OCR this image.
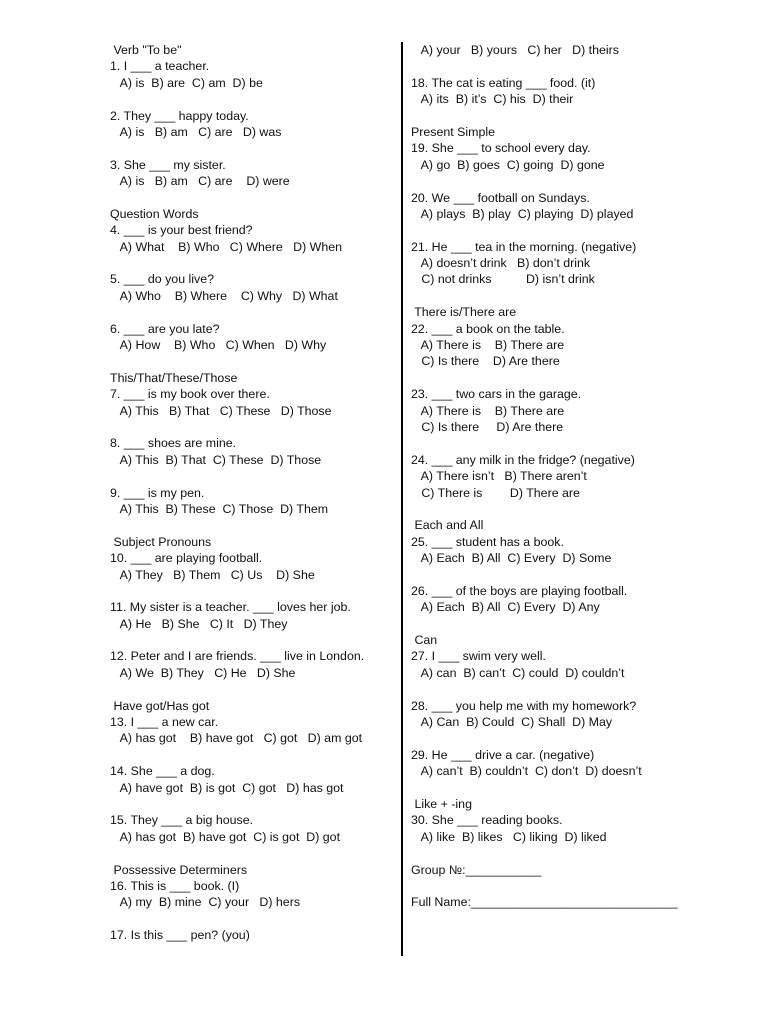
Verb "To be"
1. I ___ a teacher.
A) is  B) are  C) am  D) be
2. They ___ happy today.
A) is   B) am   C) are   D) was
3. She ___ my sister.
A) is   B) am   C) are    D) were
Question Words
4. ___ is your best friend?
A) What    B) Who   C) Where   D) When
5. ___ do you live?
A) Who    B) Where    C) Why   D) What
6. ___ are you late?
A) How    B) Who   C) When   D) Why
This/That/These/Those
7. ___ is my book over there.
A) This   B) That   C) These   D) Those
8. ___ shoes are mine.
A) This  B) That  C) These  D) Those
9. ___ is my pen.
A) This  B) These  C) Those  D) Them
Subject Pronouns
10. ___ are playing football.
A) They   B) Them   C) Us    D) She
11. My sister is a teacher. ___ loves her job.
A) He   B) She   C) It   D) They
12. Peter and I are friends. ___ live in London.
A) We  B) They   C) He   D) She
Have got/Has got
13. I ___ a new car.
A) has got    B) have got   C) got   D) am got
14. She ___ a dog.
A) have got  B) is got  C) got   D) has got
15. They ___ a big house.
A) has got  B) have got  C) is got  D) got
Possessive Determiners
16. This is ___ book. (I)
A) my  B) mine  C) your   D) hers
17. Is this ___ pen? (you)
A) your   B) yours   C) her   D) theirs
18. The cat is eating ___ food. (it)
A) its  B) it’s  C) his  D) their
Present Simple
19. She ___ to school every day.
A) go  B) goes  C) going  D) gone
20. We ___ football on Sundays.
A) plays  B) play  C) playing  D) played
21. He ___ tea in the morning. (negative)
A) doesn’t drink   B) don’t drink
C) not drinks          D) isn’t drink
There is/There are
22. ___ a book on the table.
A) There is    B) There are
C) Is there    D) Are there
23. ___ two cars in the garage.
A) There is    B) There are
C) Is there     D) Are there
24. ___ any milk in the fridge? (negative)
A) There isn’t   B) There aren’t
C) There is        D) There are
Each and All
25. ___ student has a book.
A) Each  B) All  C) Every  D) Some
26. ___ of the boys are playing football.
A) Each  B) All  C) Every  D) Any
Can
27. I ___ swim very well.
A) can  B) can’t  C) could  D) couldn’t
28. ___ you help me with my homework?
A) Can  B) Could  C) Shall  D) May
29. He ___ drive a car. (negative)
A) can’t  B) couldn’t  C) don’t  D) doesn’t
Like + -ing
30. She ___ reading books.
A) like  B) likes   C) liking  D) liked
Group №:___________
Full Name:______________________________
